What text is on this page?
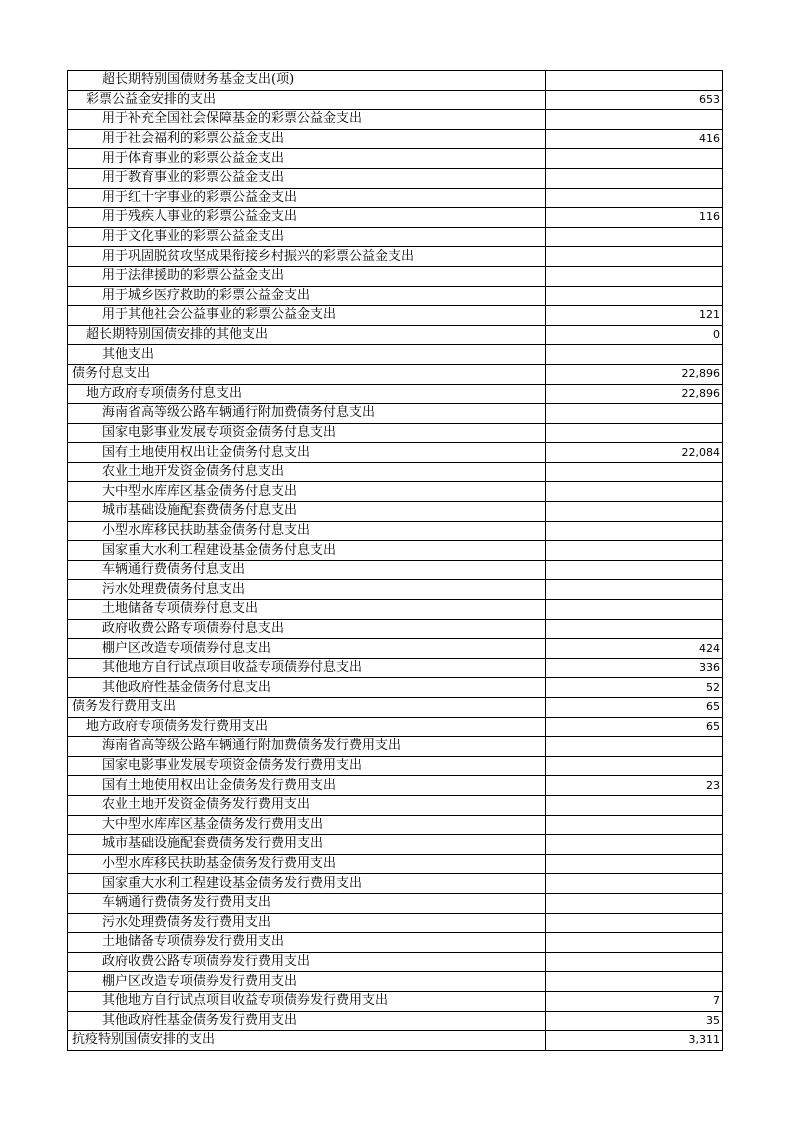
超长期特别国债财务基金支出(项)	
彩票公益金安排的支出	653
用于补充全国社会保障基金的彩票公益金支出	
用于社会福利的彩票公益金支出	416
用于体育事业的彩票公益金支出	
用于教育事业的彩票公益金支出	
用于红十字事业的彩票公益金支出	
用于残疾人事业的彩票公益金支出	116
用于文化事业的彩票公益金支出	
用于巩固脱贫攻坚成果衔接乡村振兴的彩票公益金支出	
用于法律援助的彩票公益金支出	
用于城乡医疗救助的彩票公益金支出	
用于其他社会公益事业的彩票公益金支出	121
超长期特别国债安排的其他支出	0
其他支出	
债务付息支出	22,896
地方政府专项债务付息支出	22,896
海南省高等级公路车辆通行附加费债务付息支出	
国家电影事业发展专项资金债务付息支出	
国有土地使用权出让金债务付息支出	22,084
农业土地开发资金债务付息支出	
大中型水库库区基金债务付息支出	
城市基础设施配套费债务付息支出	
小型水库移民扶助基金债务付息支出	
国家重大水利工程建设基金债务付息支出	
车辆通行费债务付息支出	
污水处理费债务付息支出	
土地储备专项债券付息支出	
政府收费公路专项债券付息支出	
棚户区改造专项债券付息支出	424
其他地方自行试点项目收益专项债券付息支出	336
其他政府性基金债务付息支出	52
债务发行费用支出	65
地方政府专项债务发行费用支出	65
海南省高等级公路车辆通行附加费债务发行费用支出	
国家电影事业发展专项资金债务发行费用支出	
国有土地使用权出让金债务发行费用支出	23
农业土地开发资金债务发行费用支出	
大中型水库库区基金债务发行费用支出	
城市基础设施配套费债务发行费用支出	
小型水库移民扶助基金债务发行费用支出	
国家重大水利工程建设基金债务发行费用支出	
车辆通行费债务发行费用支出	
污水处理费债务发行费用支出	
土地储备专项债券发行费用支出	
政府收费公路专项债券发行费用支出	
棚户区改造专项债券发行费用支出	
其他地方自行试点项目收益专项债券发行费用支出	7
其他政府性基金债务发行费用支出	35
抗疫特别国债安排的支出	3,311
